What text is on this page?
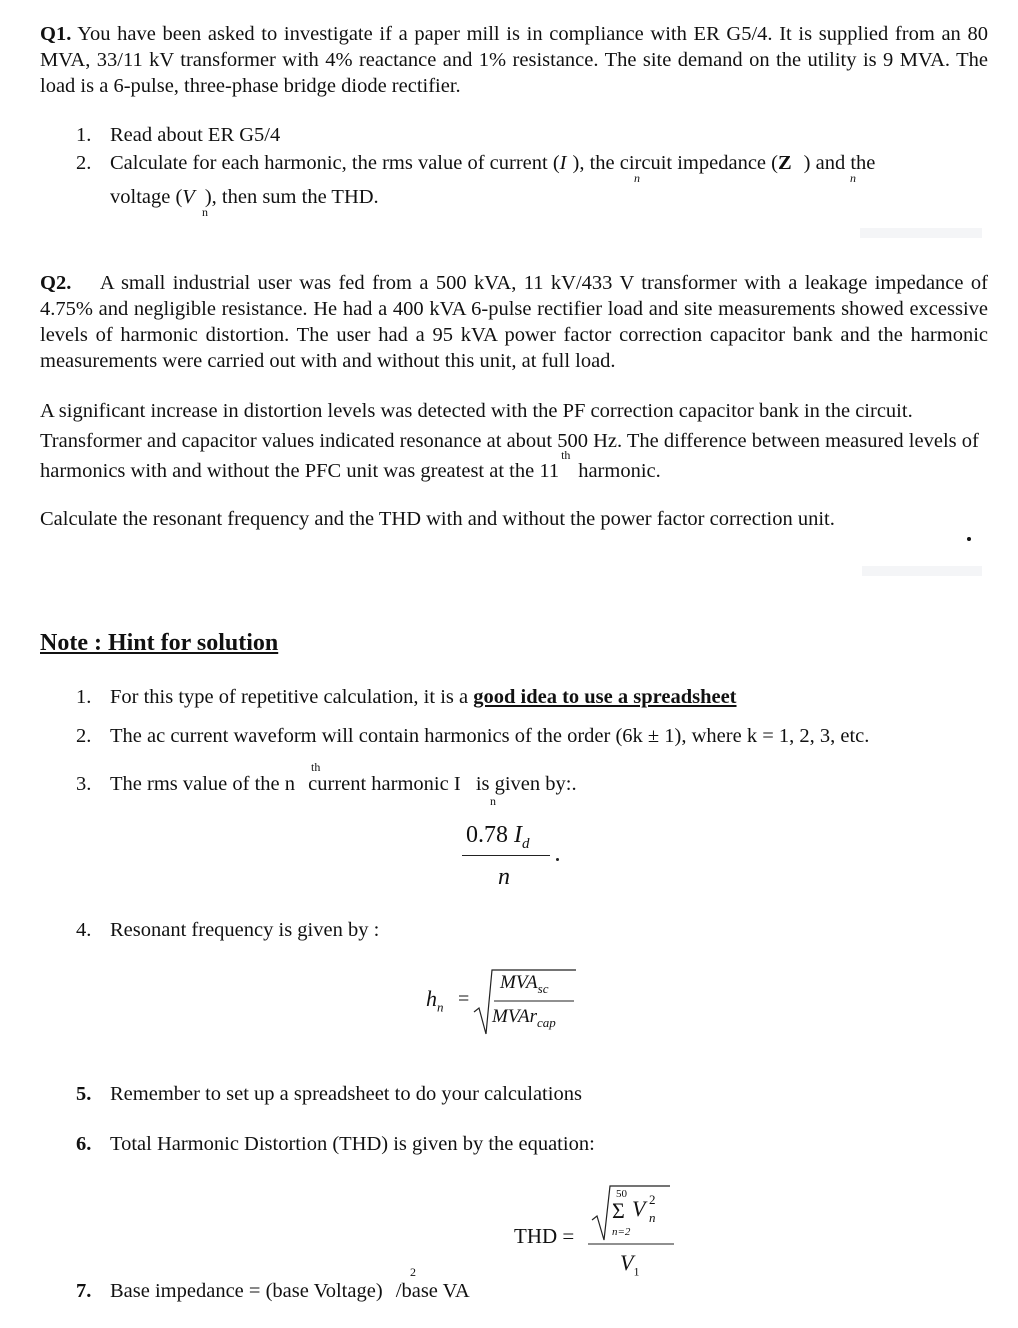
Q1. You have been asked to investigate if a paper mill is in compliance with ER G5/4. It is supplied from an 80 MVA, 33/11 kV transformer with 4% reactance and 1% resistance. The site demand on the utility is 9 MVA. The load is a 6-pulse, three-phase bridge diode rectifier.
1. Read about ER G5/4
2. Calculate for each harmonic, the rms value of current (I ), the circuit impedance (Z ) and the
n	n
voltage (V ), then sum the THD.
n
Q2. A small industrial user was fed from a 500 kVA, 11 kV/433 V transformer with a leakage impedance of 4.75% and negligible resistance. He had a 400 kVA 6-pulse rectifier load and site measurements showed excessive levels of harmonic distortion. The user had a 95 kVA power factor correction capacitor bank and the harmonic measurements were carried out with and without this unit, at full load.
A significant increase in distortion levels was detected with the PF correction capacitor bank in the circuit. Transformer and capacitor values indicated resonance at about 500 Hz. The difference between measured levels of harmonics with and without the PFC unit was greatest at the 11
th
harmonic.
Calculate the resonant frequency and the THD with and without the power factor correction unit.
Note : Hint for solution
1. For this type of repetitive calculation, it is a good idea to use a spreadsheet
2. The ac current waveform will contain harmonics of the order (6k ± 1), where k = 1, 2, 3, etc.
3. The rms value of the n current harmonic I is given by:.
th
n
0.78 $I_d$
n
4. Resonant frequency is given by :
$h_n$ =
$MVA_{sc}$
MVAr$_{cap}$
5. Remember to set up a spreadsheet to do your calculations
6. Total Harmonic Distortion (THD) is given by the equation:
THD =
50
Σ V 2
n
n=2
$V_1$
7. Base impedance = (base Voltage) /base VA
2
